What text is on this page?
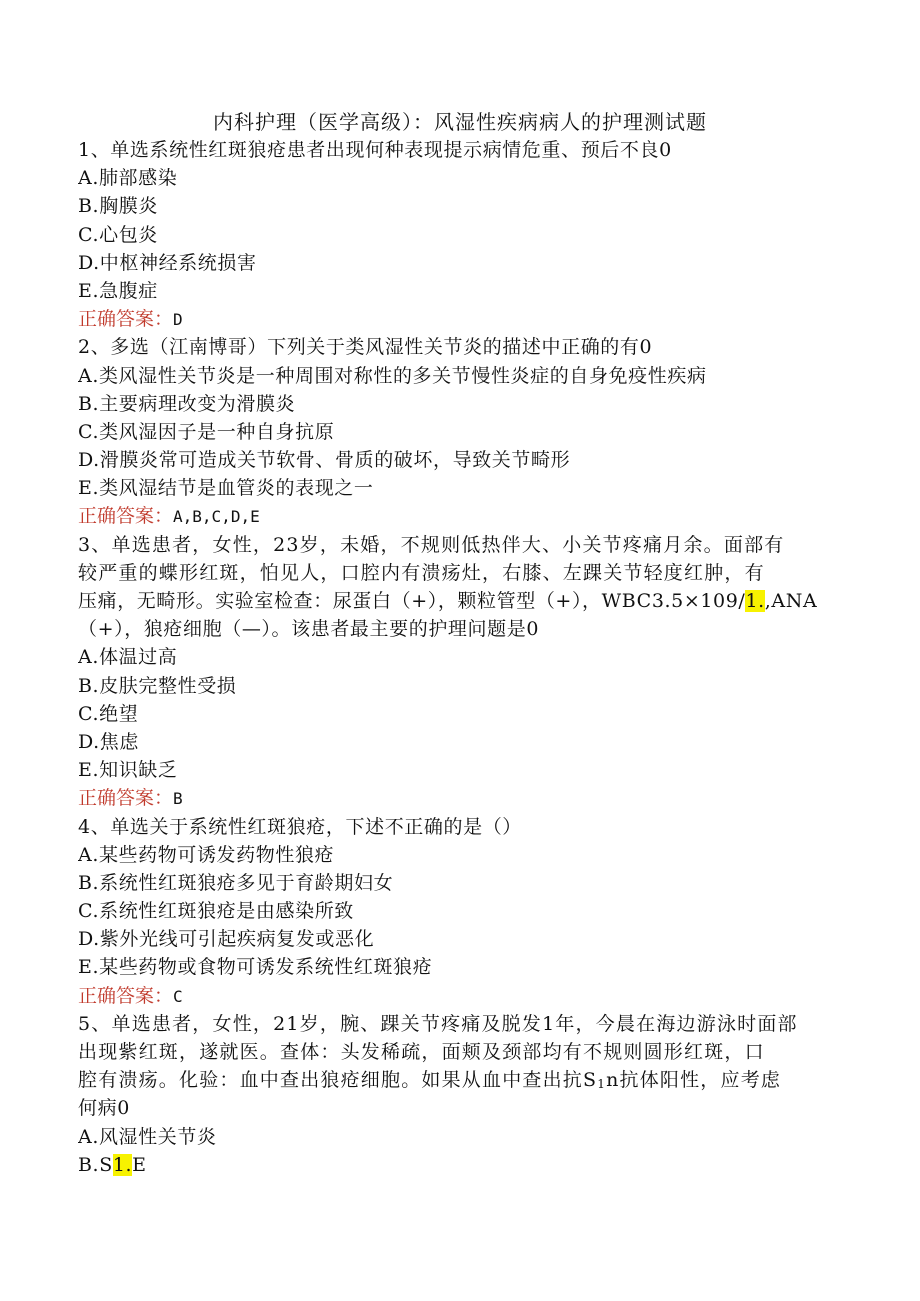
内科护理（医学高级）：风湿性疾病病人的护理测试题
1、单选系统性红斑狼疮患者出现何种表现提示病情危重、预后不良0
A.肺部感染
B.胸膜炎
C.心包炎
D.中枢神经系统损害
E.急腹症
正确答案：D
2、多选（江南博哥）下列关于类风湿性关节炎的描述中正确的有0
A.类风湿性关节炎是一种周围对称性的多关节慢性炎症的自身免疫性疾病
B.主要病理改变为滑膜炎
C.类风湿因子是一种自身抗原
D.滑膜炎常可造成关节软骨、骨质的破坏，导致关节畸形
E.类风湿结节是血管炎的表现之一
正确答案：A,B,C,D,E
3、单选患者，女性，23岁，未婚，不规则低热伴大、小关节疼痛月余。面部有
较严重的蝶形红斑，怕见人，口腔内有溃疡灶，右膝、左踝关节轻度红肿，有
压痛，无畸形。实验室检查：尿蛋白（+），颗粒管型（+），WBC3.5×109/1.,ANA
（+），狼疮细胞（—）。该患者最主要的护理问题是0
A.体温过高
B.皮肤完整性受损
C.绝望
D.焦虑
E.知识缺乏
正确答案：B
4、单选关于系统性红斑狼疮，下述不正确的是（）
A.某些药物可诱发药物性狼疮
B.系统性红斑狼疮多见于育龄期妇女
C.系统性红斑狼疮是由感染所致
D.紫外光线可引起疾病复发或恶化
E.某些药物或食物可诱发系统性红斑狼疮
正确答案：C
5、单选患者，女性，21岁，腕、踝关节疼痛及脱发1年，今晨在海边游泳时面部
出现紫红斑，遂就医。查体：头发稀疏，面颊及颈部均有不规则圆形红斑，口
腔有溃疡。化验：血中查出狼疮细胞。如果从血中查出抗S1n抗体阳性，应考虑
何病0
A.风湿性关节炎
B.S1.E
